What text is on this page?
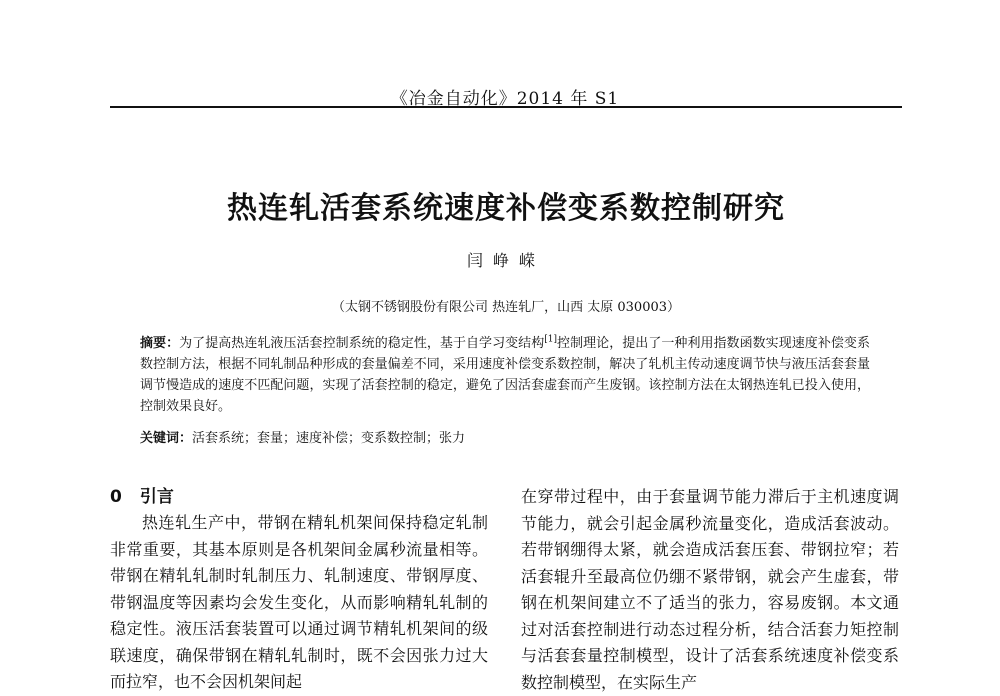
《冶金自动化》2014 年 S1
热连轧活套系统速度补偿变系数控制研究
闫峥嵘
（太钢不锈钢股份有限公司 热连轧厂，山西 太原 030003）
摘要：为了提高热连轧液压活套控制系统的稳定性，基于自学习变结构[1]控制理论，提出了一种利用指数函数实现速度补偿变系数控制方法，根据不同轧制品种形成的套量偏差不同，采用速度补偿变系数控制，解决了轧机主传动速度调节快与液压活套套量调节慢造成的速度不匹配问题，实现了活套控制的稳定，避免了因活套虚套而产生废钢。该控制方法在太钢热连轧已投入使用，控制效果良好。
关键词：活套系统；套量；速度补偿；变系数控制；张力
0 引言

热连轧生产中，带钢在精轧机架间保持稳定轧制非常重要，其基本原则是各机架间金属秒流量相等。带钢在精轧轧制时轧制压力、轧制速度、带钢厚度、带钢温度等因素均会发生变化，从而影响精轧轧制的稳定性。液压活套装置可以通过调节精轧机架间的级联速度，确保带钢在精轧轧制时，既不会因张力过大而拉窄，也不会因机架间起

在穿带过程中，由于套量调节能力滞后于主机速度调节能力，就会引起金属秒流量变化，造成活套波动。若带钢绷得太紧，就会造成活套压套、带钢拉窄；若活套辊升至最高位仍绷不紧带钢，就会产生虚套，带钢在机架间建立不了适当的张力，容易废钢。本文通过对活套控制进行动态过程分析，结合活套力矩控制与活套套量控制模型，设计了活套系统速度补偿变系数控制模型，在实际生产
